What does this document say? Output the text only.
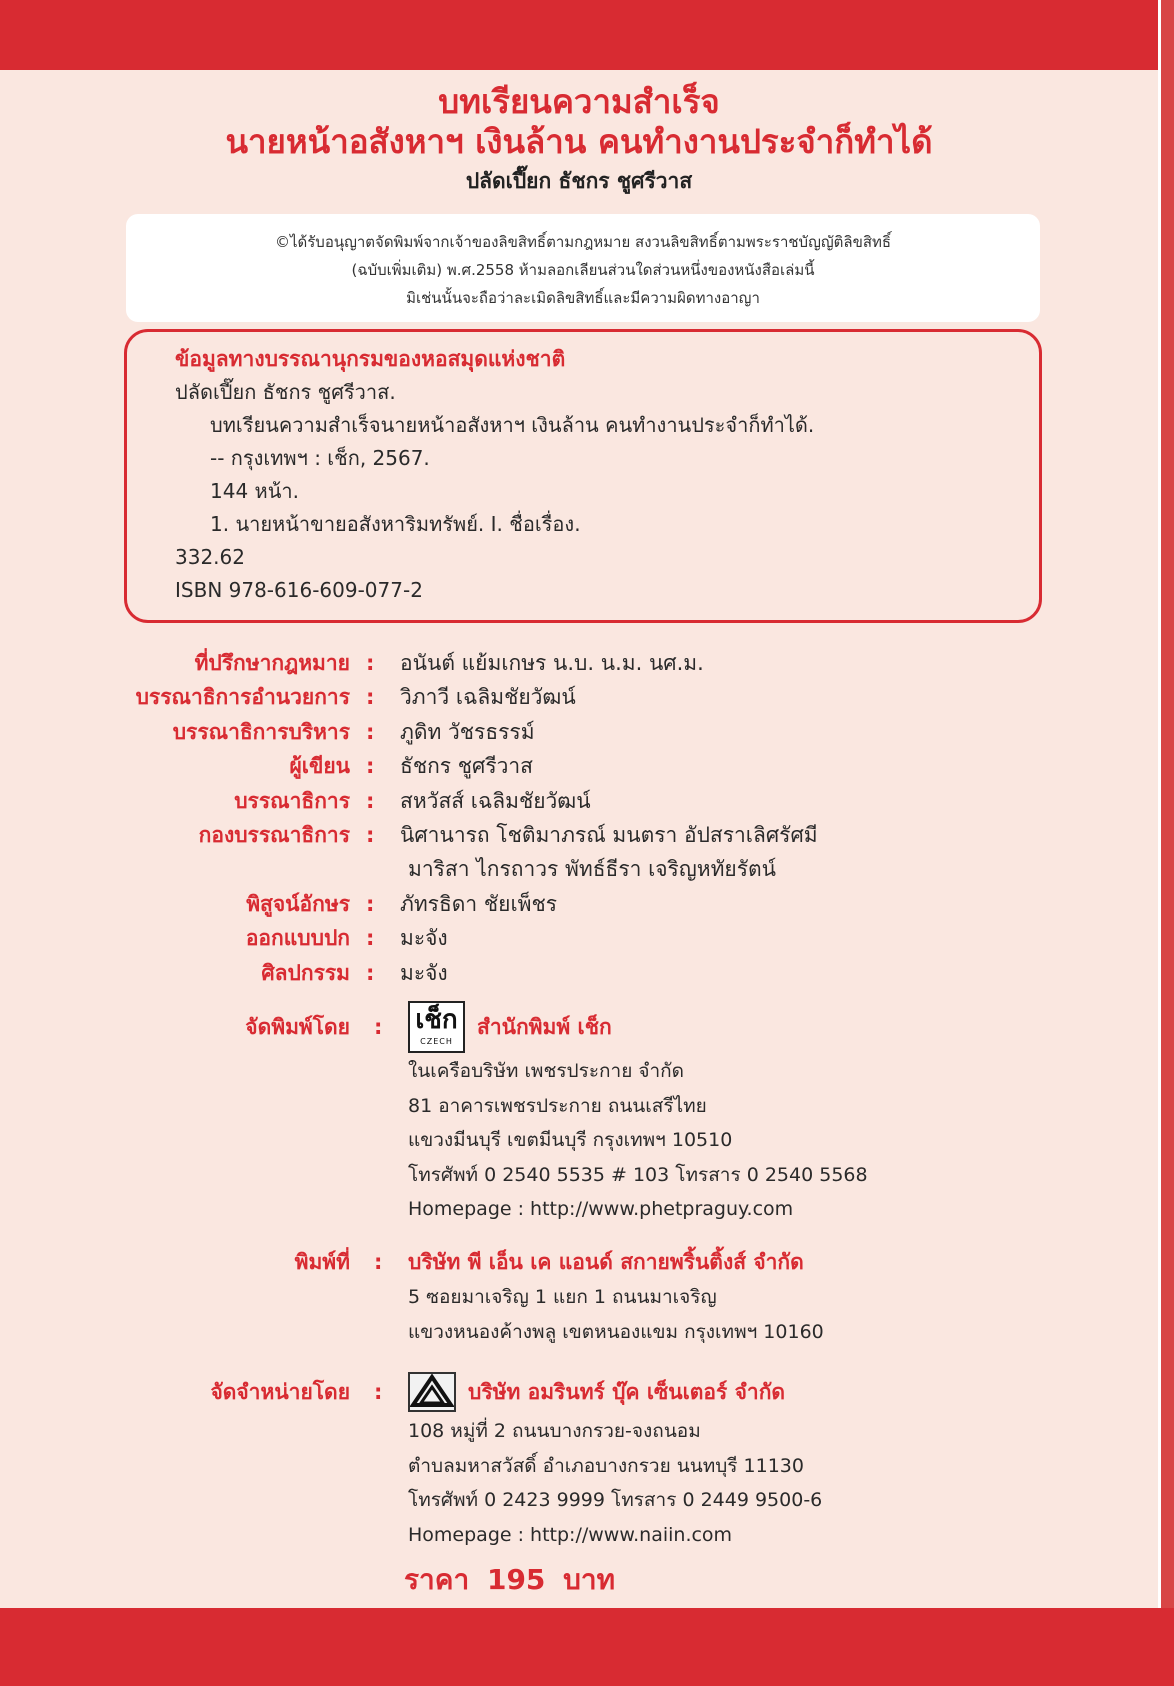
บทเรียนความสำเร็จ
นายหน้าอสังหาฯ เงินล้าน คนทำงานประจำก็ทำได้
ปลัดเปี๊ยก ธัชกร ชูศรีวาส
©ได้รับอนุญาตจัดพิมพ์จากเจ้าของลิขสิทธิ์ตามกฎหมาย สงวนลิขสิทธิ์ตามพระราชบัญญัติลิขสิทธิ์
(ฉบับเพิ่มเติม) พ.ศ.2558 ห้ามลอกเลียนส่วนใดส่วนหนึ่งของหนังสือเล่มนี้
มิเช่นนั้นจะถือว่าละเมิดลิขสิทธิ์และมีความผิดทางอาญา
ข้อมูลทางบรรณานุกรมของหอสมุดแห่งชาติ
ปลัดเปี๊ยก ธัชกร ชูศรีวาส.
บทเรียนความสำเร็จนายหน้าอสังหาฯ เงินล้าน คนทำงานประจำก็ทำได้.
-- กรุงเทพฯ : เช็ก, 2567.
144 หน้า.
1. นายหน้าขายอสังหาริมทรัพย์. I. ชื่อเรื่อง.
332.62
ISBN 978-616-609-077-2
ที่ปรึกษากฎหมาย :	อนันต์ แย้มเกษร น.บ. น.ม. นศ.ม.
บรรณาธิการอำนวยการ :	วิภาวี เฉลิมชัยวัฒน์
บรรณาธิการบริหาร :	ภูดิท วัชรธรรม์
ผู้เขียน :	ธัชกร ชูศรีวาส
บรรณาธิการ :	สหวัสส์ เฉลิมชัยวัฒน์
กองบรรณาธิการ :	นิศานารถ โชติมาภรณ์ มนตรา อัปสราเลิศรัศมี
มาริสา ไกรถาวร พัทธ์ธีรา เจริญหทัยรัตน์
พิสูจน์อักษร :	ภัทรธิดา ชัยเพ็ชร
ออกแบบปก :	มะจัง
ศิลปกรรม :	มะจัง
จัดพิมพ์โดย	:	เช็ก
CZECH
สำนักพิมพ์ เช็ก
ในเครือบริษัท เพชรประกาย จำกัด
81 อาคารเพชรประกาย ถนนเสรีไทย
แขวงมีนบุรี เขตมีนบุรี กรุงเทพฯ 10510
โทรศัพท์ 0 2540 5535 # 103 โทรสาร 0 2540 5568
Homepage : http://www.phetpraguy.com
พิมพ์ที่	:	บริษัท พี เอ็น เค แอนด์ สกายพริ้นติ้งส์ จำกัด
5 ซอยมาเจริญ 1 แยก 1 ถนนมาเจริญ
แขวงหนองค้างพลู เขตหนองแขม กรุงเทพฯ 10160
จัดจำหน่ายโดย	:	บริษัท อมรินทร์ บุ๊ค เซ็นเตอร์ จำกัด
108 หมู่ที่ 2 ถนนบางกรวย-จงถนอม
ตำบลมหาสวัสดิ์ อำเภอบางกรวย นนทบุรี 11130
โทรศัพท์ 0 2423 9999 โทรสาร 0 2449 9500-6
Homepage : http://www.naiin.com
ราคา 195 บาท
